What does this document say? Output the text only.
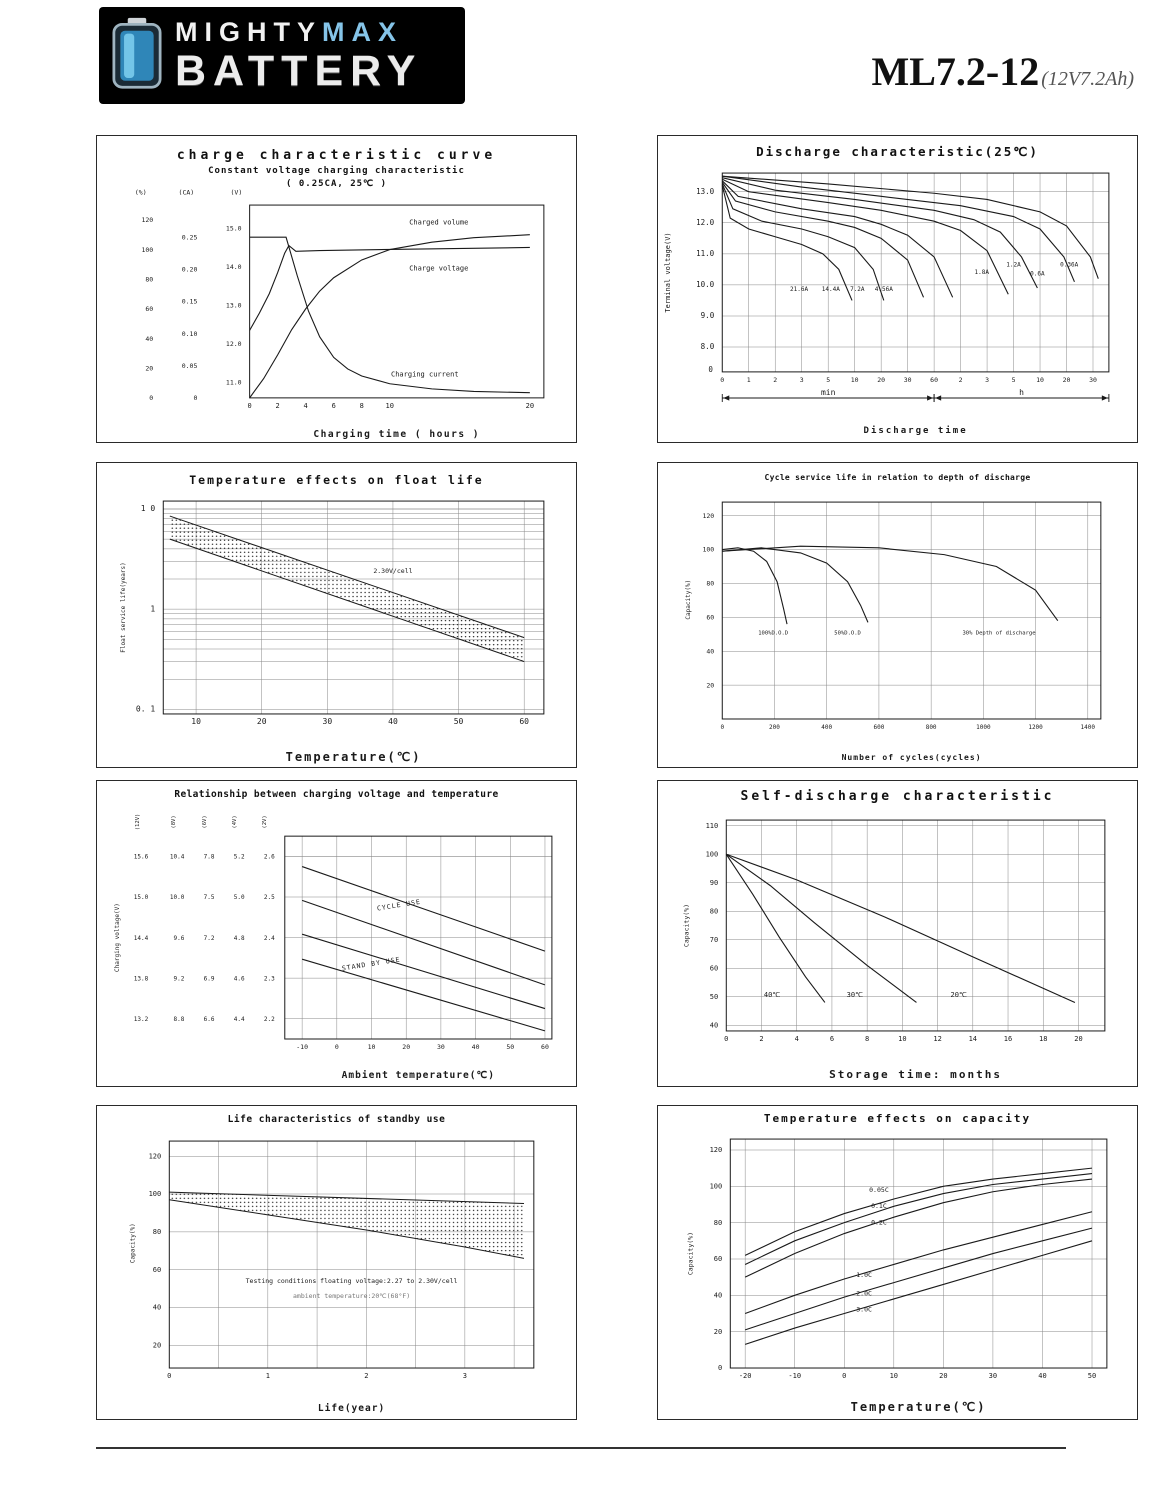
MIGHTYMAX
BATTERY	ML7.2-12 (12V7.2Ah)
charge characteristic curve
Constant voltage charging characteristic
( 0.25CA, 25℃ )
0	2	4	6	8	10	20
15.0
14.0
13.0
12.0
11.0
0.25
0.20
0.15
0.10
0.05
0
120
100
80
60
40
20
0
(%)	(CA)	(V)
Charged volume
Charge voltage
Charging current
Charging time ( hours )
Discharge characteristic(25℃)
0	1	2	3	5	10	20	30	60	2	3	5	10	20	30
13.0
12.0
11.0
10.0
9.0
8.0
Terminal voltage(V)
0
21.6A 14.4A 7.2A 4.56A
1.8A
1.2A
0.6A
0.36A
min	h
Discharge time
Temperature effects on float life
10	20	30	40	50	60
1 0
1
0. 1
2.30V/cell
Float service life(years)
Temperature(℃)
Cycle service life in relation to depth of discharge
0	200	400	600	800	1000	1200	1400
120
100
80
60
40
20
100%D.O.D	50%D.O.D	30% Depth of discharge
Capacity(%)
Number of cycles(cycles)
Relationship between charging voltage and temperature
-10	0	10	20	30	40	50	60
2.6
2.5
2.4
2.3
2.2
5.2
5.0
4.8
4.6
4.4
7.8
7.5
7.2
6.9
6.6
10.4
10.0
9.6
9.2
8.8
15.6
15.0
14.4
13.8
13.2
CYCLE USE
STAND BY USE
(12V)	(8V)	(6V)	(4V)	(2V)
Charging voltage(V)
Ambient temperature(℃)
Self-discharge characteristic
0	2	4	6	8	10	12	14	16	18	20
110
100
90
80
70
60
50
40
40℃	30℃	20℃
Capacity(%)
Storage time: months
Life characteristics of standby use
0	1	2	3
120
100
80
60
40
20
Testing conditions floating voltage:2.27 to 2.30V/cell
ambient temperature:20℃(68°F)
Capacity(%)
Life(year)
Temperature effects on capacity
-20	-10	0	10	20	30	40	50
120
100
80
60
40
20
0
0.05C
0.1C
0.2C
1.0C
2.0C
3.0C
Capacity(%)
Temperature(℃)
